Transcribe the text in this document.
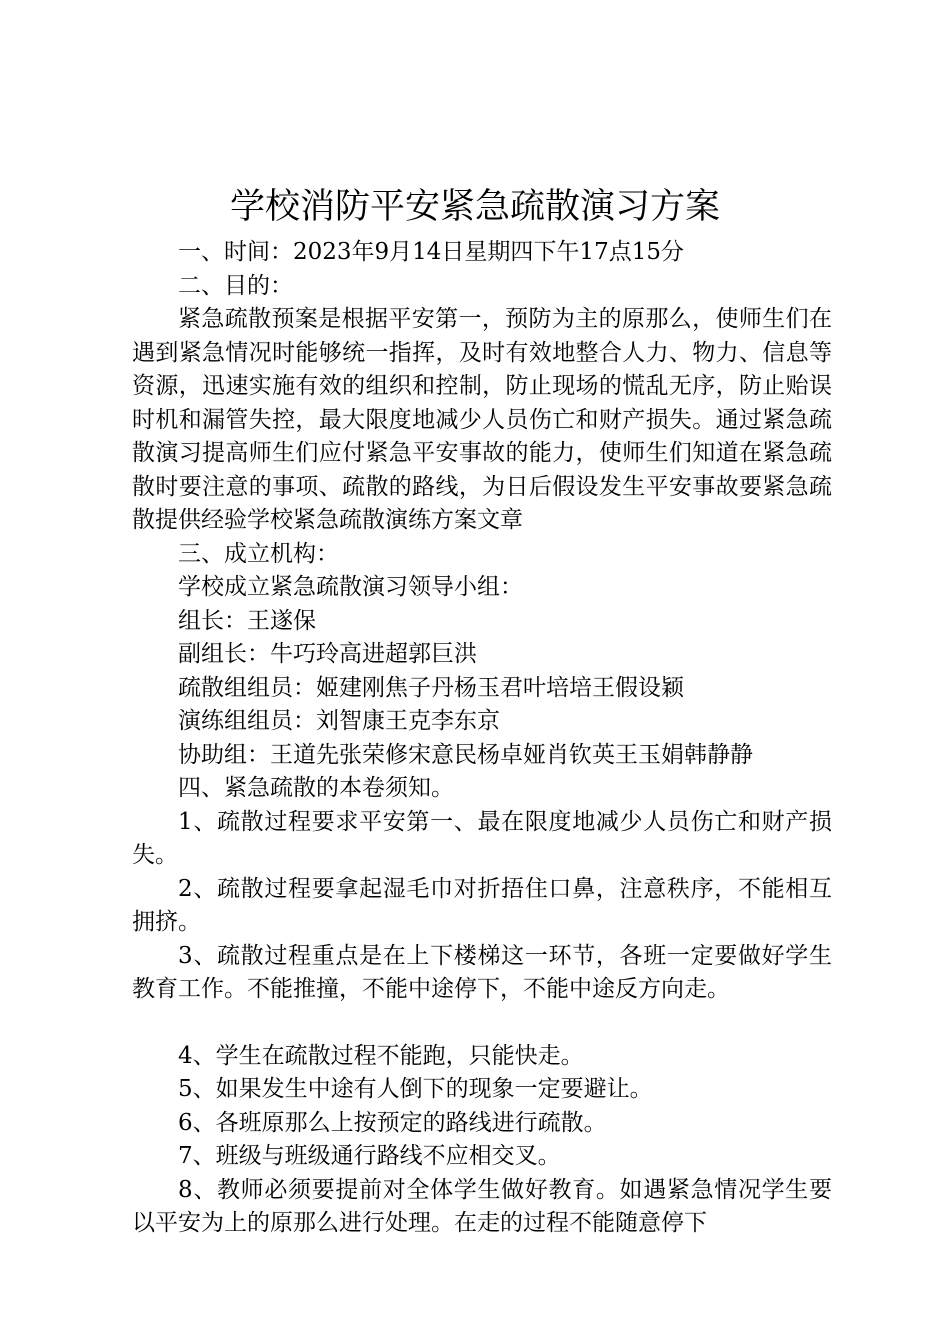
学校消防平安紧急疏散演习方案

一、时间：2023年9月14日星期四下午17点15分

二、目的：

紧急疏散预案是根据平安第一，预防为主的原那么，使师生们在遇到紧急情况时能够统一指挥，及时有效地整合人力、物力、信息等资源，迅速实施有效的组织和控制，防止现场的慌乱无序，防止贻误时机和漏管失控，最大限度地减少人员伤亡和财产损失。通过紧急疏散演习提高师生们应付紧急平安事故的能力，使师生们知道在紧急疏散时要注意的事项、疏散的路线，为日后假设发生平安事故要紧急疏散提供经验学校紧急疏散演练方案文章

三、成立机构：

学校成立紧急疏散演习领导小组：

组长：王遂保

副组长：牛巧玲高进超郭巨洪

疏散组组员：姬建刚焦子丹杨玉君叶培培王假设颖

演练组组员：刘智康王克李东京

协助组：王道先张荣修宋意民杨卓娅肖钦英王玉娟韩静静

四、紧急疏散的本卷须知。

1、疏散过程要求平安第一、最在限度地减少人员伤亡和财产损失。

2、疏散过程要拿起湿毛巾对折捂住口鼻，注意秩序，不能相互拥挤。

3、疏散过程重点是在上下楼梯这一环节，各班一定要做好学生教育工作。不能推撞，不能中途停下，不能中途反方向走。

4、学生在疏散过程不能跑，只能快走。

5、如果发生中途有人倒下的现象一定要避让。

6、各班原那么上按预定的路线进行疏散。

7、班级与班级通行路线不应相交叉。

8、教师必须要提前对全体学生做好教育。如遇紧急情况学生要以平安为上的原那么进行处理。在走的过程不能随意停下
